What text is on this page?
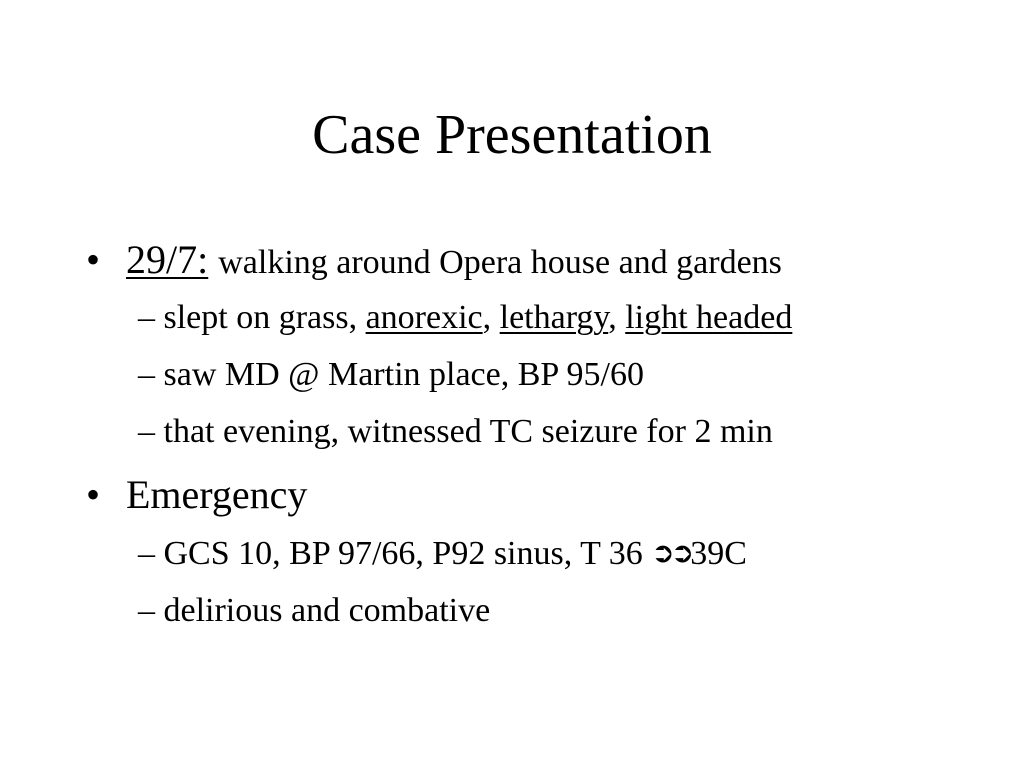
Case Presentation
• 29/7: walking around Opera house and gardens
– slept on grass, anorexic, lethargy, light headed
– saw MD @ Martin place, BP 95/60
– that evening, witnessed TC seizure for 2 min
• Emergency
– GCS 10, BP 97/66, P92 sinus, T 36 ➲➲39C
– delirious and combative
